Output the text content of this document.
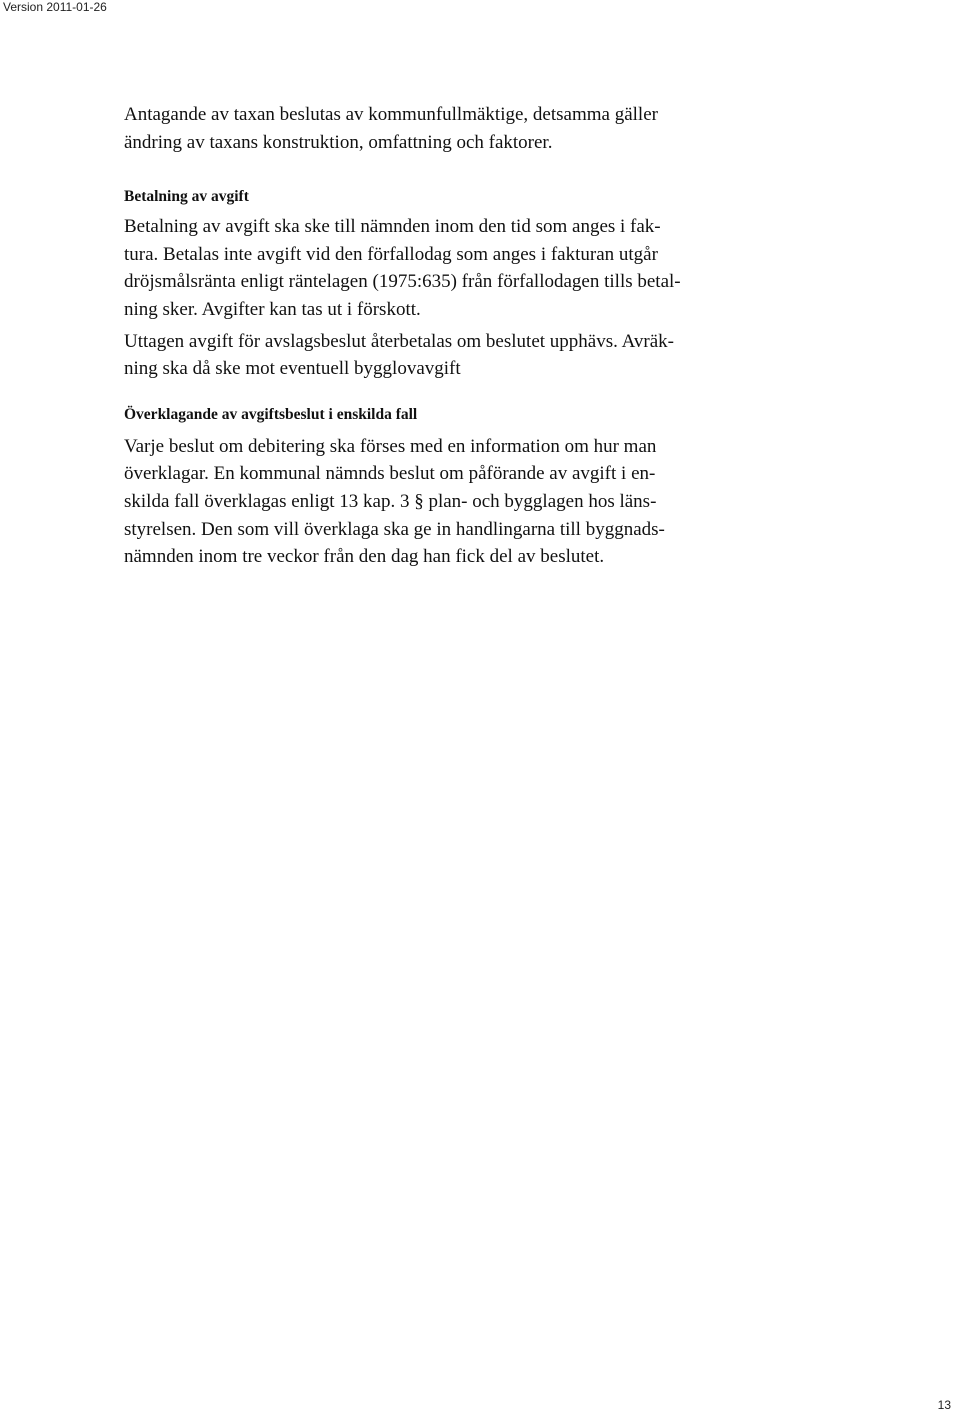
Version 2011-01-26

Antagande av taxan beslutas av kommunfullmäktige, detsamma gäller
ändring av taxans konstruktion, omfattning och faktorer.

Betalning av avgift

Betalning av avgift ska ske till nämnden inom den tid som anges i fak-
tura. Betalas inte avgift vid den förfallodag som anges i fakturan utgår
dröjsmålsränta enligt räntelagen (1975:635) från förfallodagen tills betal-
ning sker. Avgifter kan tas ut i förskott.

Uttagen avgift för avslagsbeslut återbetalas om beslutet upphävs. Avräk-
ning ska då ske mot eventuell bygglovavgift

Överklagande av avgiftsbeslut i enskilda fall

Varje beslut om debitering ska förses med en information om hur man
överklagar. En kommunal nämnds beslut om påförande av avgift i en-
skilda fall överklagas enligt 13 kap. 3 § plan- och bygglagen hos läns-
styrelsen. Den som vill överklaga ska ge in handlingarna till byggnads-
nämnden inom tre veckor från den dag han fick del av beslutet.

13
